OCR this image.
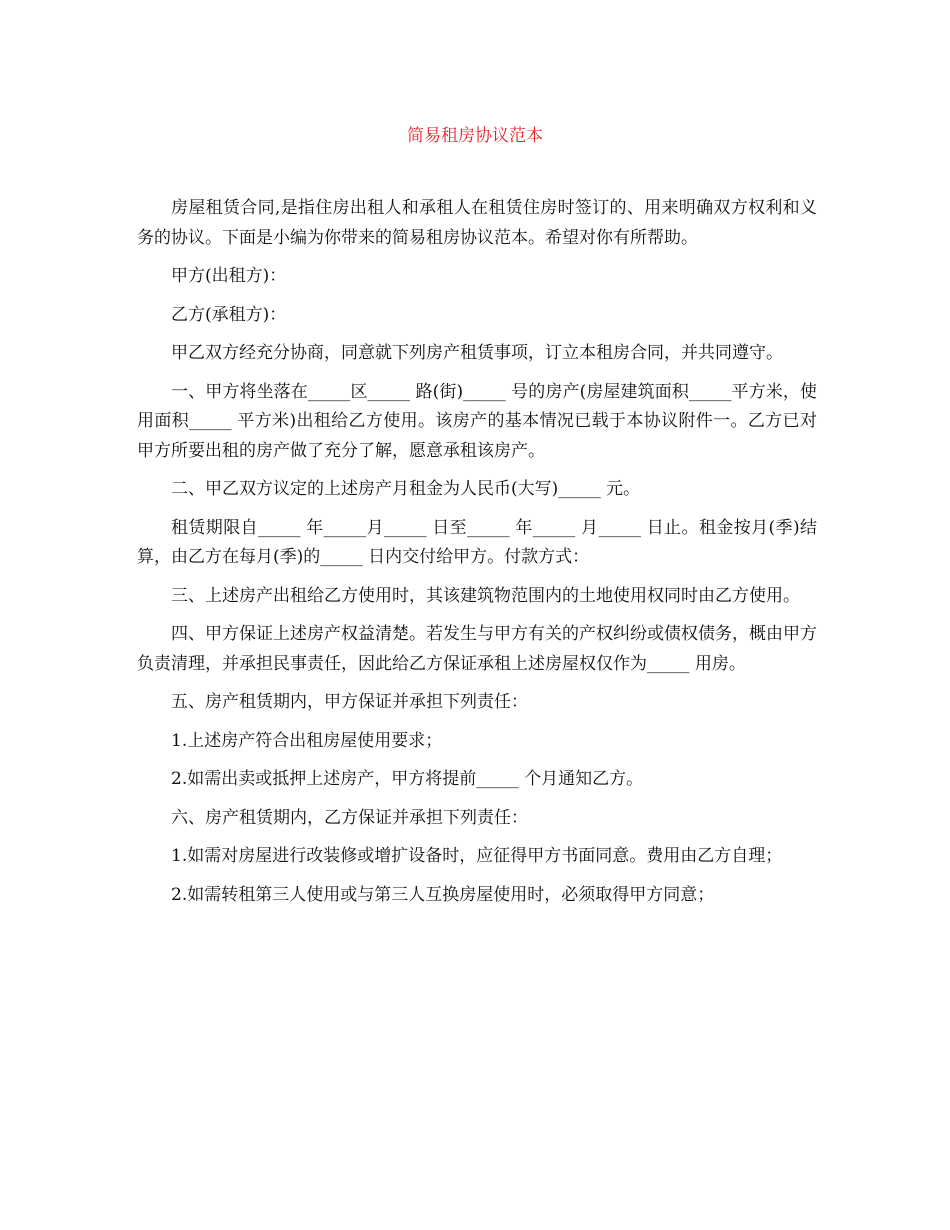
简易租房协议范本

房屋租赁合同,是指住房出租人和承租人在租赁住房时签订的、用来明确双方权利和义务的协议。下面是小编为你带来的简易租房协议范本。希望对你有所帮助。

甲方(出租方)：

乙方(承租方)：

甲乙双方经充分协商，同意就下列房产租赁事项，订立本租房合同，并共同遵守。

一、甲方将坐落在_____区_____ 路(街)_____ 号的房产(房屋建筑面积_____平方米，使用面积_____ 平方米)出租给乙方使用。该房产的基本情况已载于本协议附件一。乙方已对甲方所要出租的房产做了充分了解，愿意承租该房产。

二、甲乙双方议定的上述房产月租金为人民币(大写)_____ 元。

租赁期限自_____ 年_____月_____ 日至_____ 年_____ 月_____ 日止。租金按月(季)结算，由乙方在每月(季)的_____ 日内交付给甲方。付款方式：

三、上述房产出租给乙方使用时，其该建筑物范围内的土地使用权同时由乙方使用。

四、甲方保证上述房产权益清楚。若发生与甲方有关的产权纠纷或债权债务，概由甲方负责清理，并承担民事责任，因此给乙方保证承租上述房屋权仅作为_____ 用房。

五、房产租赁期内，甲方保证并承担下列责任：

1.上述房产符合出租房屋使用要求；

2.如需出卖或抵押上述房产，甲方将提前_____ 个月通知乙方。

六、房产租赁期内，乙方保证并承担下列责任：

1.如需对房屋进行改装修或增扩设备时，应征得甲方书面同意。费用由乙方自理；

2.如需转租第三人使用或与第三人互换房屋使用时，必须取得甲方同意；
